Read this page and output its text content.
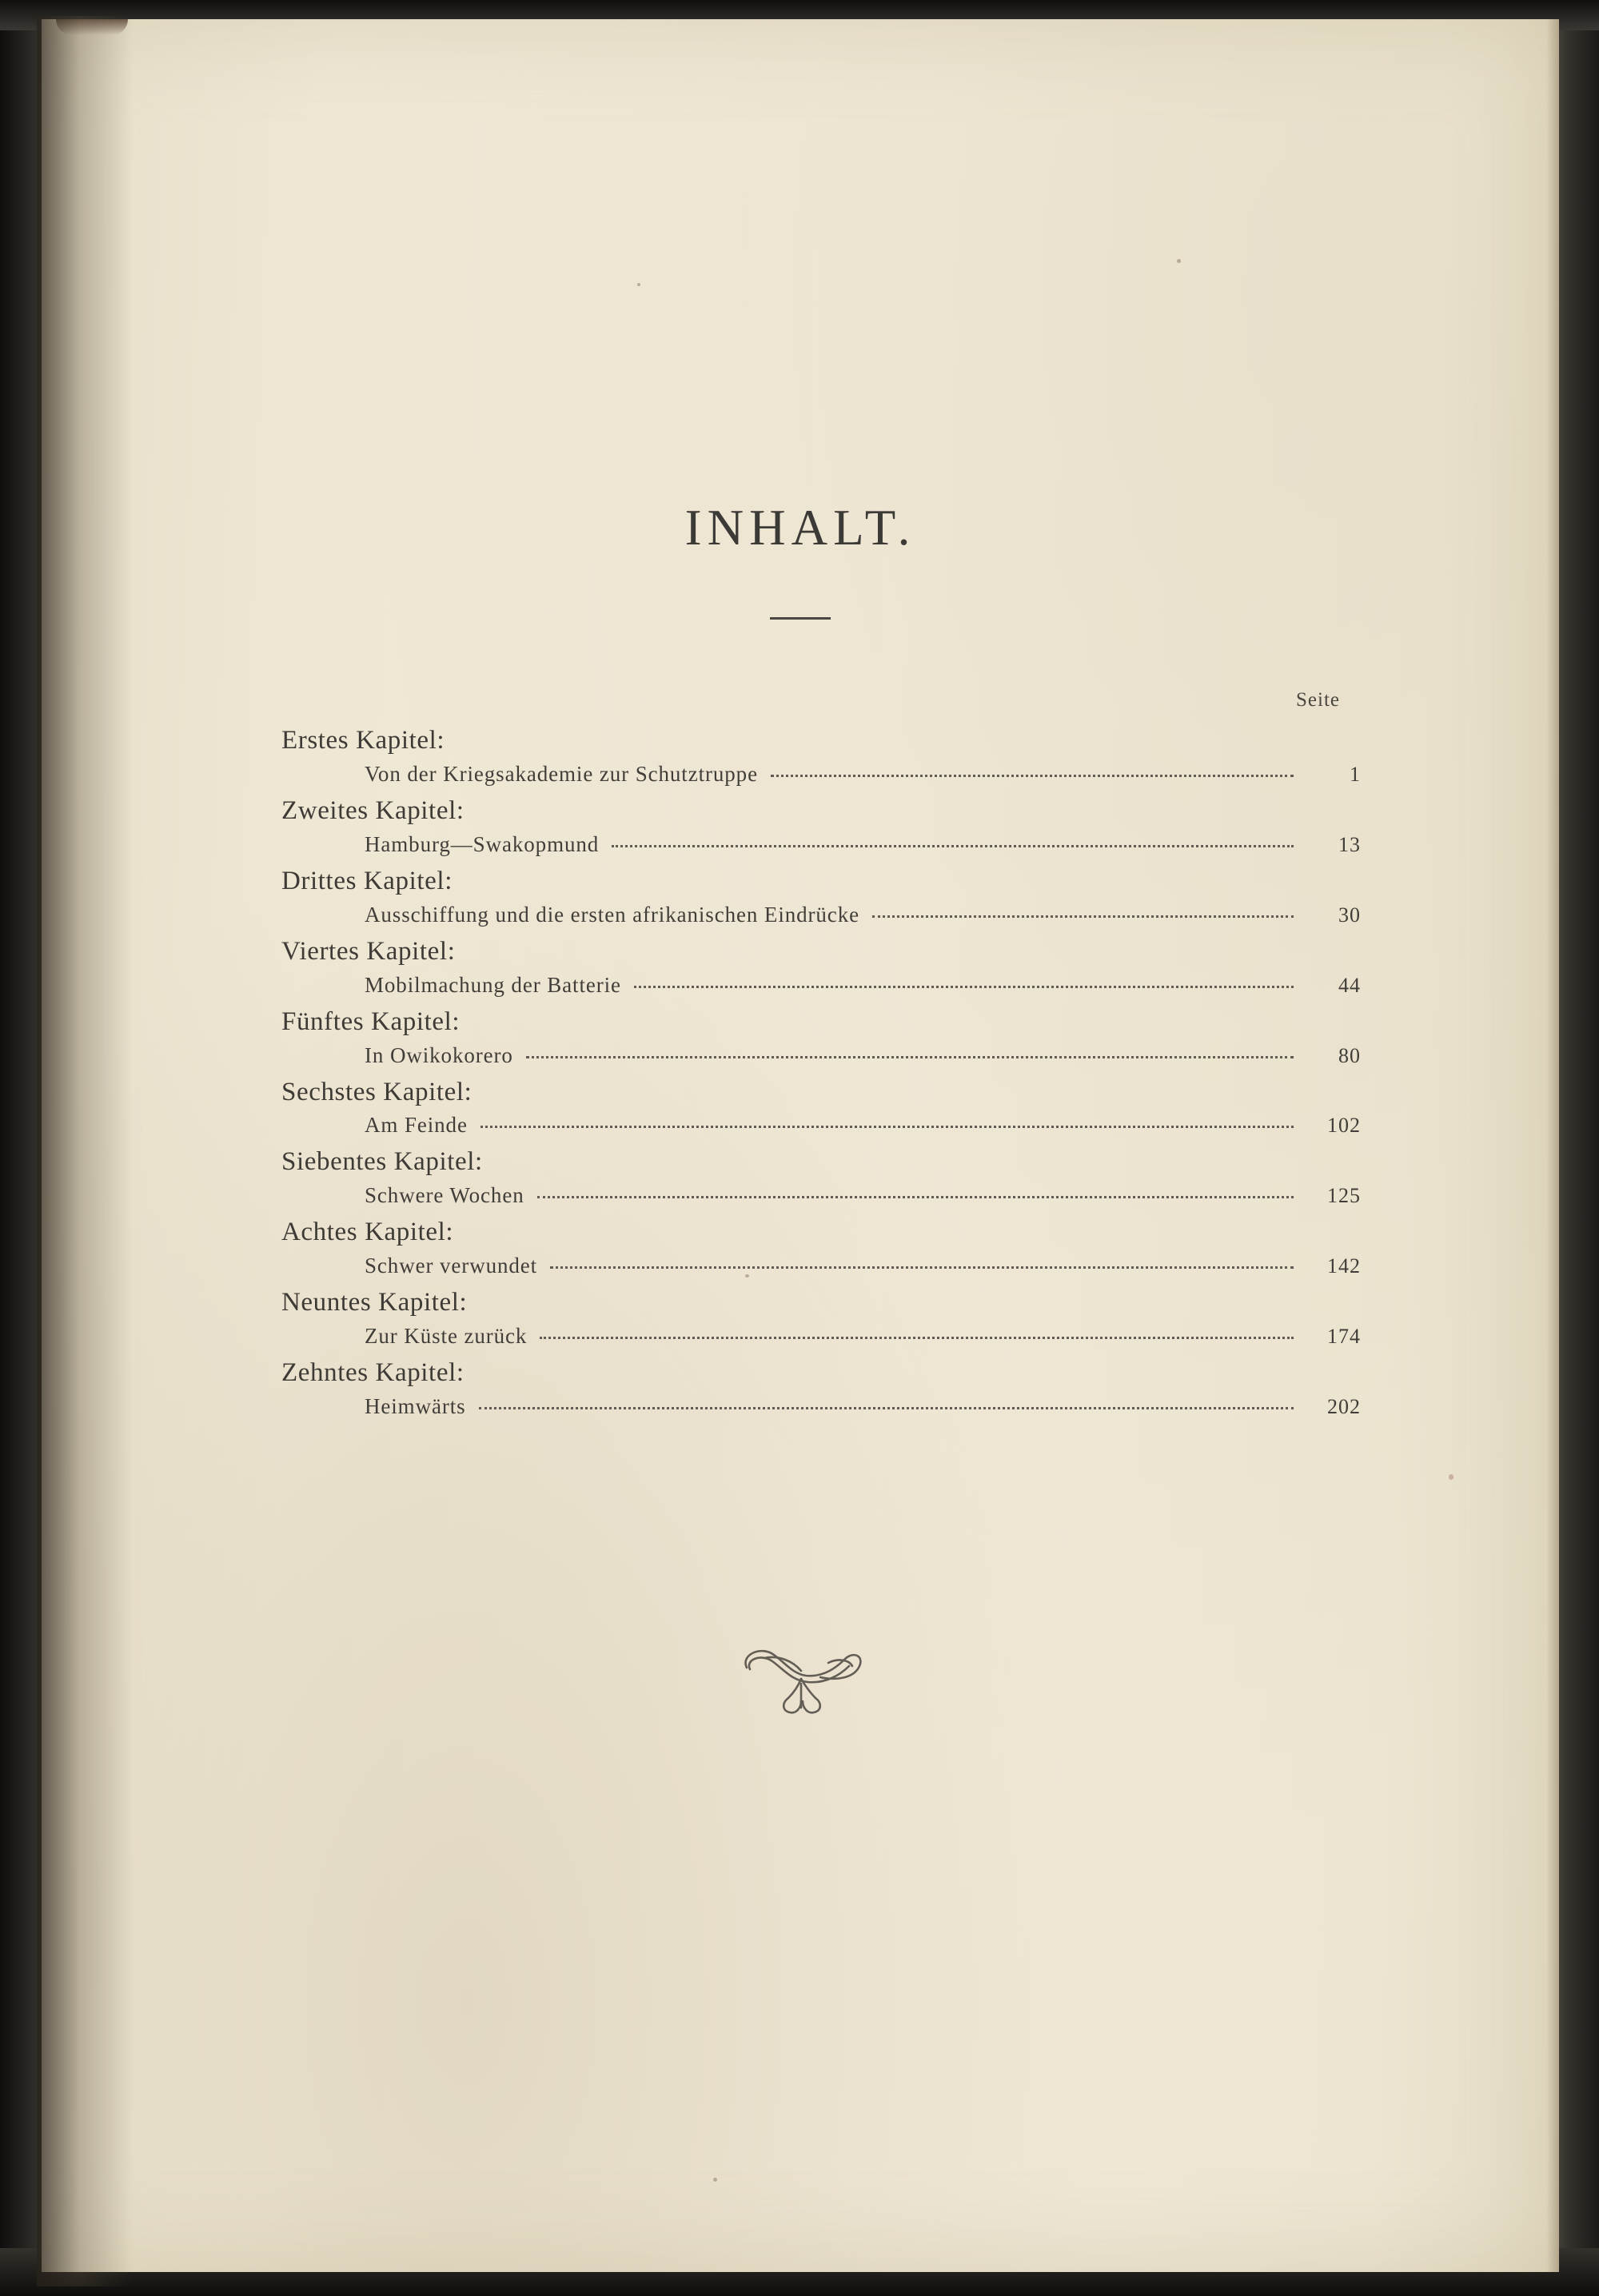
INHALT.
Seite
Erstes Kapitel:
Von der Kriegsakademie zur Schutztruppe	1
Zweites Kapitel:
Hamburg—Swakopmund	13
Drittes Kapitel:
Ausschiffung und die ersten afrikanischen Eindrücke	30
Viertes Kapitel:
Mobilmachung der Batterie	44
Fünftes Kapitel:
In Owikokorero	80
Sechstes Kapitel:
Am Feinde	102
Siebentes Kapitel:
Schwere Wochen	125
Achtes Kapitel:
Schwer verwundet	142
Neuntes Kapitel:
Zur Küste zurück	174
Zehntes Kapitel:
Heimwärts	202
